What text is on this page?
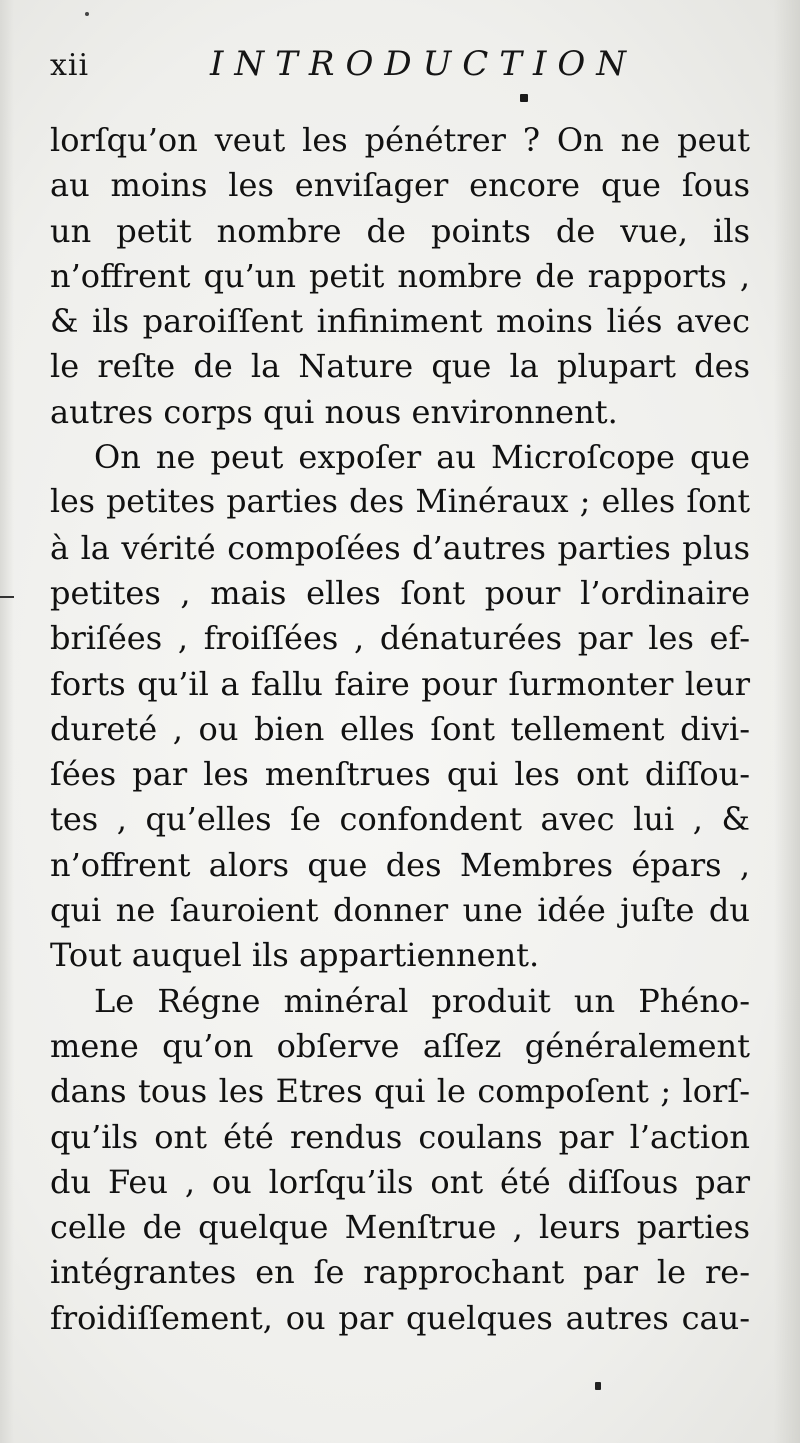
xii	INTRODUCTION
lorſqu’on veut les pénétrer ? On ne peut
au moins les enviſager encore que ſous
un petit nombre de points de vue, ils
n’offrent qu’un petit nombre de rapports ,
& ils paroiſſent infiniment moins liés avec
le reſte de la Nature que la plupart des
autres corps qui nous environnent.
On ne peut expoſer au Microſcope que
les petites parties des Minéraux ; elles ſont
à la vérité compoſées d’autres parties plus
petites , mais elles ſont pour l’ordinaire
briſées , froiſſées , dénaturées par les ef-
forts qu’il a fallu faire pour ſurmonter leur
dureté , ou bien elles ſont tellement divi-
ſées par les menſtrues qui les ont diſſou-
tes , qu’elles ſe confondent avec lui , &
n’offrent alors que des Membres épars ,
qui ne ſauroient donner une idée juſte du
Tout auquel ils appartiennent.
Le Régne minéral produit un Phéno-
mene qu’on obſerve aſſez généralement
dans tous les Etres qui le compoſent ; lorſ-
qu’ils ont été rendus coulans par l’action
du Feu , ou lorſqu’ils ont été diſſous par
celle de quelque Menſtrue , leurs parties
intégrantes en ſe rapprochant par le re-
froidiſſement, ou par quelques autres cau-
